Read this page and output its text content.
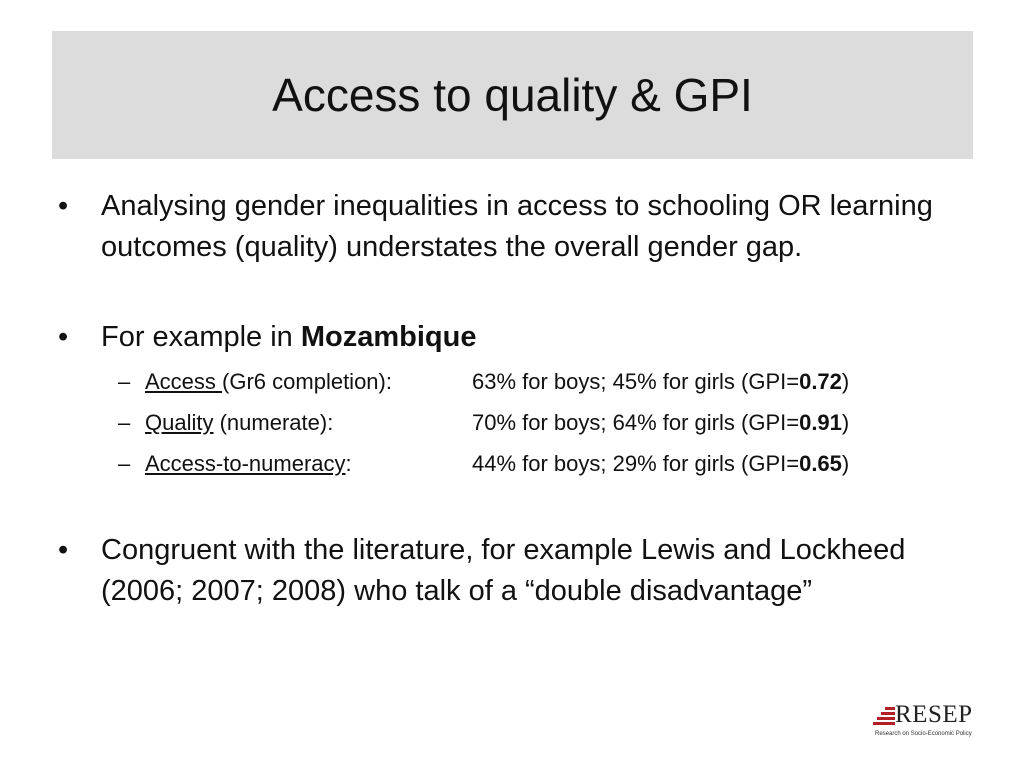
Access to quality & GPI
• Analysing gender inequalities in access to schooling OR learning outcomes (quality) understates the overall gender gap.
• For example in Mozambique
– Access (Gr6 completion):	63% for boys; 45% for girls (GPI=0.72)
– Quality (numerate):	70% for boys; 64% for girls (GPI=0.91)
– Access-to-numeracy:	44% for boys; 29% for girls (GPI=0.65)
• Congruent with the literature, for example Lewis and Lockheed (2006; 2007; 2008) who talk of a “double disadvantage”
RESEP
Research on Socio-Economic Policy
